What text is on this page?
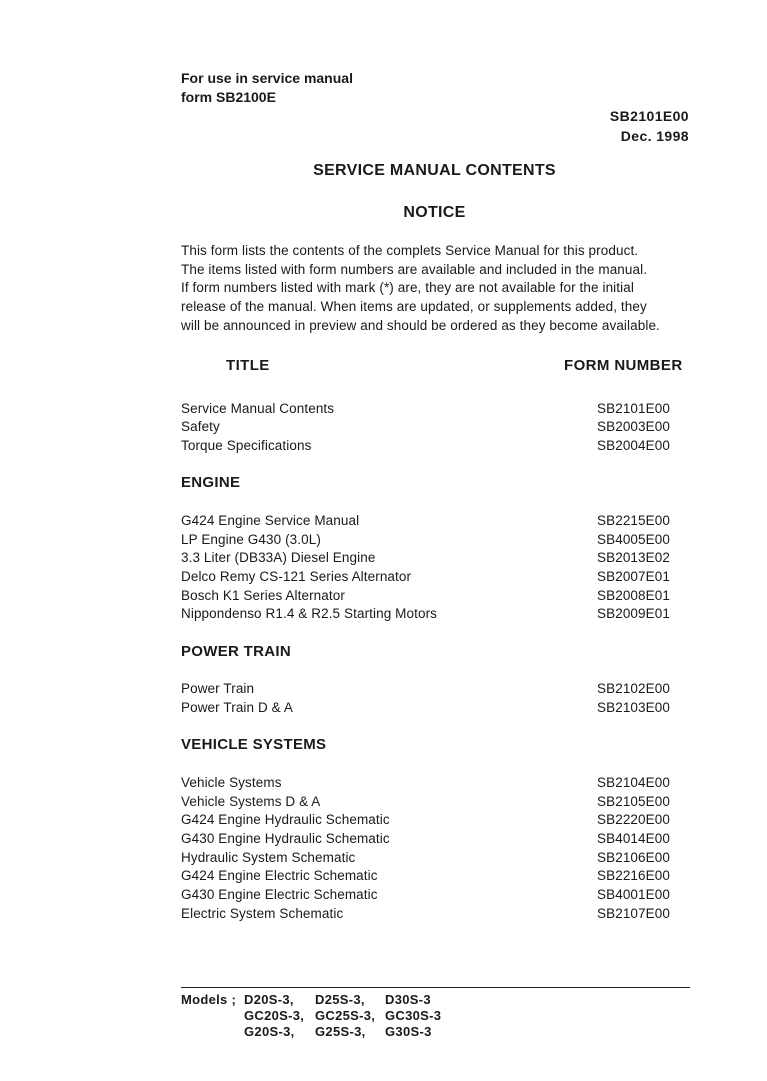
For use in service manual
form SB2100E
SB2101E00
Dec. 1998
SERVICE MANUAL CONTENTS
NOTICE
This form lists the contents of the complets Service Manual for this product.
The items listed with form numbers are available and included in the manual.
If form numbers listed with mark (*) are, they are not available for the initial
release of the manual. When items are updated, or supplements added, they
will be announced in preview and should be ordered as they become available.
TITLE	FORM NUMBER
Service Manual Contents	SB2101E00
Safety	SB2003E00
Torque Specifications	SB2004E00
ENGINE
G424 Engine Service Manual	SB2215E00
LP Engine G430 (3.0L)	SB4005E00
3.3 Liter (DB33A) Diesel Engine	SB2013E02
Delco Remy CS-121 Series Alternator	SB2007E01
Bosch K1 Series Alternator	SB2008E01
Nippondenso R1.4 & R2.5 Starting Motors	SB2009E01
POWER TRAIN
Power Train	SB2102E00
Power Train D & A	SB2103E00
VEHICLE SYSTEMS
Vehicle Systems	SB2104E00
Vehicle Systems D & A	SB2105E00
G424 Engine Hydraulic Schematic	SB2220E00
G430 Engine Hydraulic Schematic	SB4014E00
Hydraulic System Schematic	SB2106E00
G424 Engine Electric Schematic	SB2216E00
G430 Engine Electric Schematic	SB4001E00
Electric System Schematic	SB2107E00
Models ; D20S-3, D25S-3, D30S-3
GC20S-3, GC25S-3, GC30S-3
G20S-3, G25S-3, G30S-3
